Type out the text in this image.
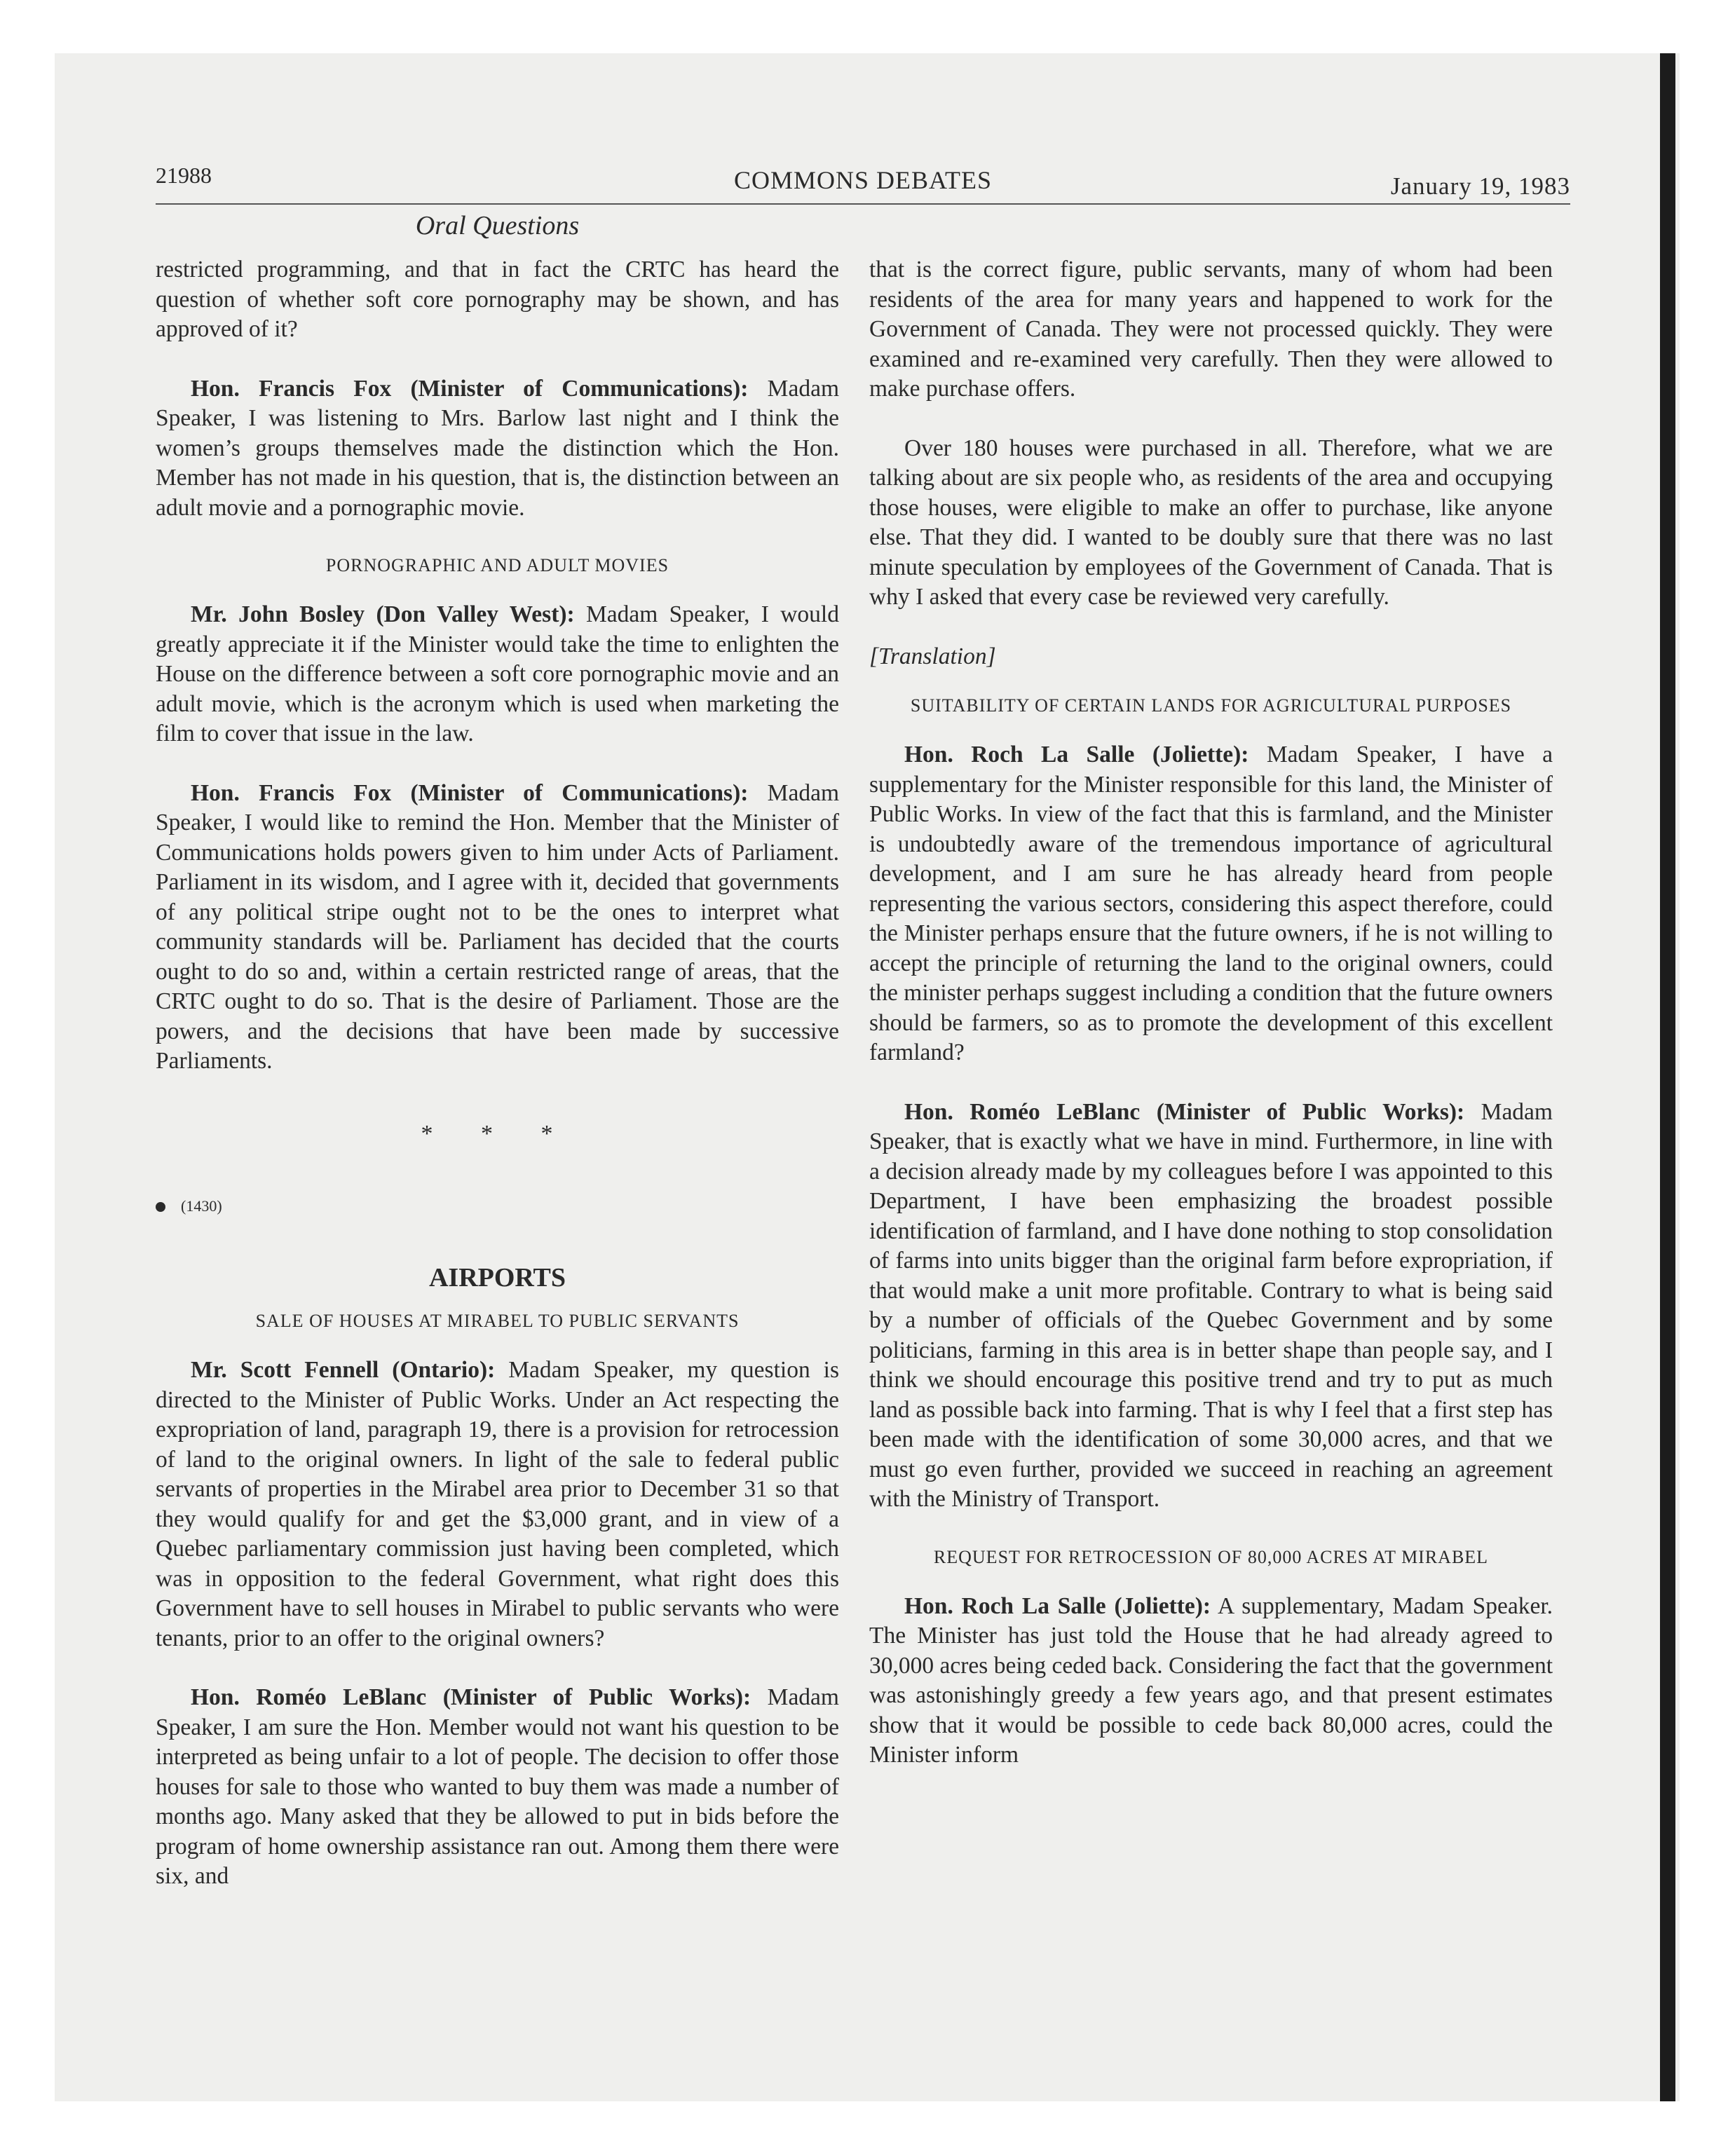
21988	COMMONS DEBATES	January 19, 1983
Oral Questions

restricted programming, and that in fact the CRTC has heard the question of whether soft core pornography may be shown, and has approved of it?

Hon. Francis Fox (Minister of Communications): Madam Speaker, I was listening to Mrs. Barlow last night and I think the women’s groups themselves made the distinction which the Hon. Member has not made in his question, that is, the distinction between an adult movie and a pornographic movie.

PORNOGRAPHIC AND ADULT MOVIES

Mr. John Bosley (Don Valley West): Madam Speaker, I would greatly appreciate it if the Minister would take the time to enlighten the House on the difference between a soft core pornographic movie and an adult movie, which is the acronym which is used when marketing the film to cover that issue in the law.

Hon. Francis Fox (Minister of Communications): Madam Speaker, I would like to remind the Hon. Member that the Minister of Communications holds powers given to him under Acts of Parliament. Parliament in its wisdom, and I agree with it, decided that governments of any political stripe ought not to be the ones to interpret what community standards will be. Parliament has decided that the courts ought to do so and, within a certain restricted range of areas, that the CRTC ought to do so. That is the desire of Parliament. Those are the powers, and the decisions that have been made by successive Parliaments.

* * *
(1430)
AIRPORTS
SALE OF HOUSES AT MIRABEL TO PUBLIC SERVANTS

Mr. Scott Fennell (Ontario): Madam Speaker, my question is directed to the Minister of Public Works. Under an Act respecting the expropriation of land, paragraph 19, there is a provision for retrocession of land to the original owners. In light of the sale to federal public servants of properties in the Mirabel area prior to December 31 so that they would qualify for and get the $3,000 grant, and in view of a Quebec parliamentary commission just having been completed, which was in opposition to the federal Government, what right does this Government have to sell houses in Mirabel to public servants who were tenants, prior to an offer to the original owners?

Hon. Roméo LeBlanc (Minister of Public Works): Madam Speaker, I am sure the Hon. Member would not want his question to be interpreted as being unfair to a lot of people. The decision to offer those houses for sale to those who wanted to buy them was made a number of months ago. Many asked that they be allowed to put in bids before the program of home ownership assistance ran out. Among them there were six, and

that is the correct figure, public servants, many of whom had been residents of the area for many years and happened to work for the Government of Canada. They were not processed quickly. They were examined and re-examined very carefully. Then they were allowed to make purchase offers.

Over 180 houses were purchased in all. Therefore, what we are talking about are six people who, as residents of the area and occupying those houses, were eligible to make an offer to purchase, like anyone else. That they did. I wanted to be doubly sure that there was no last minute speculation by employees of the Government of Canada. That is why I asked that every case be reviewed very carefully.

[Translation]
SUITABILITY OF CERTAIN LANDS FOR AGRICULTURAL PURPOSES

Hon. Roch La Salle (Joliette): Madam Speaker, I have a supplementary for the Minister responsible for this land, the Minister of Public Works. In view of the fact that this is farmland, and the Minister is undoubtedly aware of the tremendous importance of agricultural development, and I am sure he has already heard from people representing the various sectors, considering this aspect therefore, could the Minister perhaps ensure that the future owners, if he is not willing to accept the principle of returning the land to the original owners, could the minister perhaps suggest including a condition that the future owners should be farmers, so as to promote the development of this excellent farmland?

Hon. Roméo LeBlanc (Minister of Public Works): Madam Speaker, that is exactly what we have in mind. Furthermore, in line with a decision already made by my colleagues before I was appointed to this Department, I have been emphasizing the broadest possible identification of farmland, and I have done nothing to stop consolidation of farms into units bigger than the original farm before expropriation, if that would make a unit more profitable. Contrary to what is being said by a number of officials of the Quebec Government and by some politicians, farming in this area is in better shape than people say, and I think we should encourage this positive trend and try to put as much land as possible back into farming. That is why I feel that a first step has been made with the identification of some 30,000 acres, and that we must go even further, provided we succeed in reaching an agreement with the Ministry of Transport.

REQUEST FOR RETROCESSION OF 80,000 ACRES AT MIRABEL

Hon. Roch La Salle (Joliette): A supplementary, Madam Speaker. The Minister has just told the House that he had already agreed to 30,000 acres being ceded back. Considering the fact that the government was astonishingly greedy a few years ago, and that present estimates show that it would be possible to cede back 80,000 acres, could the Minister inform
